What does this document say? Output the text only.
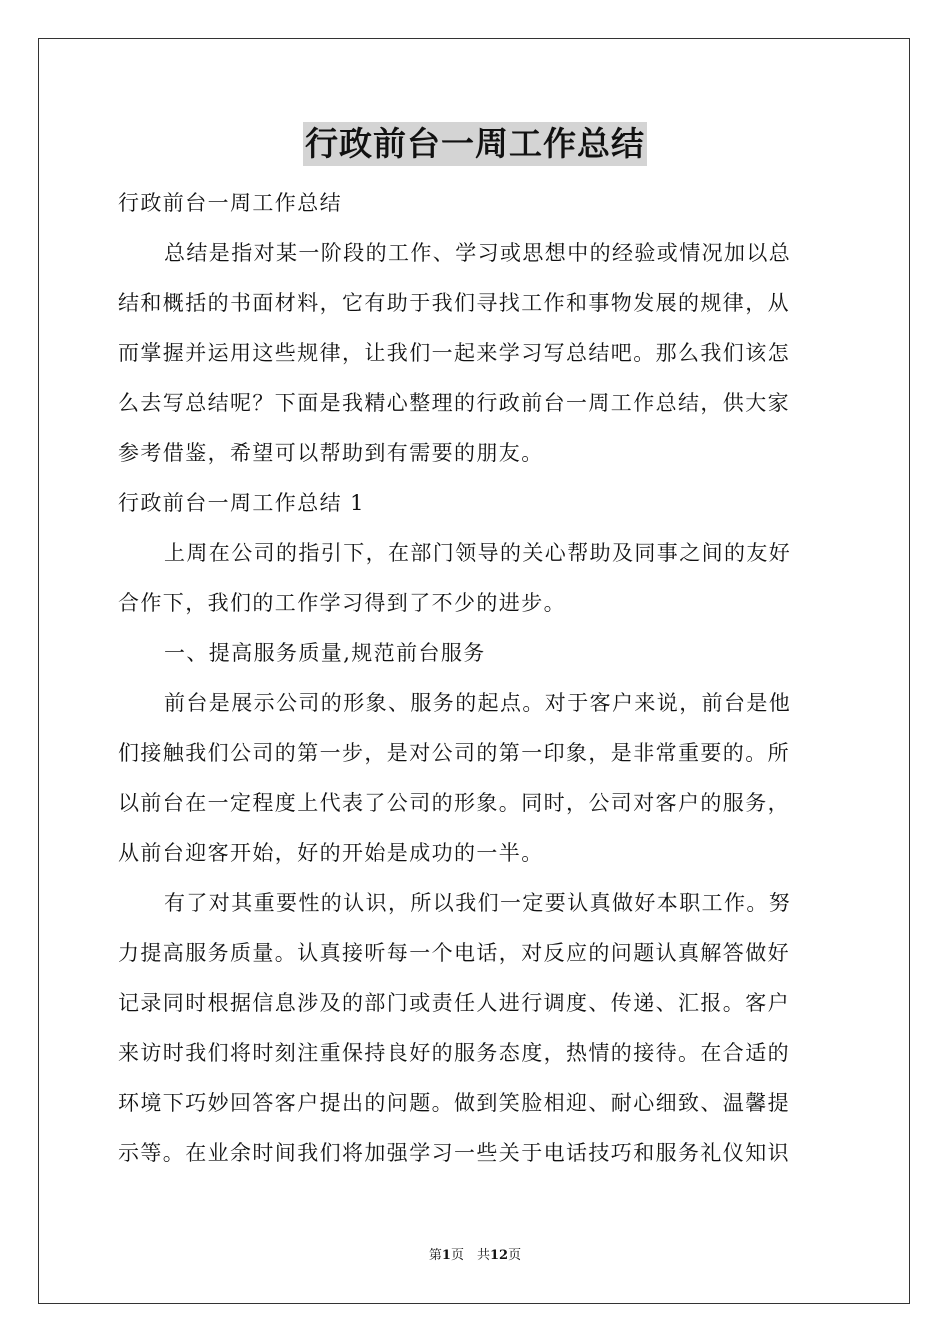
行政前台一周工作总结
行政前台一周工作总结
总结是指对某一阶段的工作、学习或思想中的经验或情况加以总
结和概括的书面材料，它有助于我们寻找工作和事物发展的规律，从
而掌握并运用这些规律，让我们一起来学习写总结吧。那么我们该怎
么去写总结呢？下面是我精心整理的行政前台一周工作总结，供大家
参考借鉴，希望可以帮助到有需要的朋友。
行政前台一周工作总结 1
上周在公司的指引下，在部门领导的关心帮助及同事之间的友好
合作下，我们的工作学习得到了不少的进步。
一、提高服务质量,规范前台服务
前台是展示公司的形象、服务的起点。对于客户来说，前台是他
们接触我们公司的第一步，是对公司的第一印象，是非常重要的。所
以前台在一定程度上代表了公司的形象。同时，公司对客户的服务，
从前台迎客开始，好的开始是成功的一半。
有了对其重要性的认识，所以我们一定要认真做好本职工作。努
力提高服务质量。认真接听每一个电话，对反应的问题认真解答做好
记录同时根据信息涉及的部门或责任人进行调度、传递、汇报。客户
来访时我们将时刻注重保持良好的服务态度，热情的接待。在合适的
环境下巧妙回答客户提出的问题。做到笑脸相迎、耐心细致、温馨提
示等。在业余时间我们将加强学习一些关于电话技巧和服务礼仪知识
第1页　共12页
